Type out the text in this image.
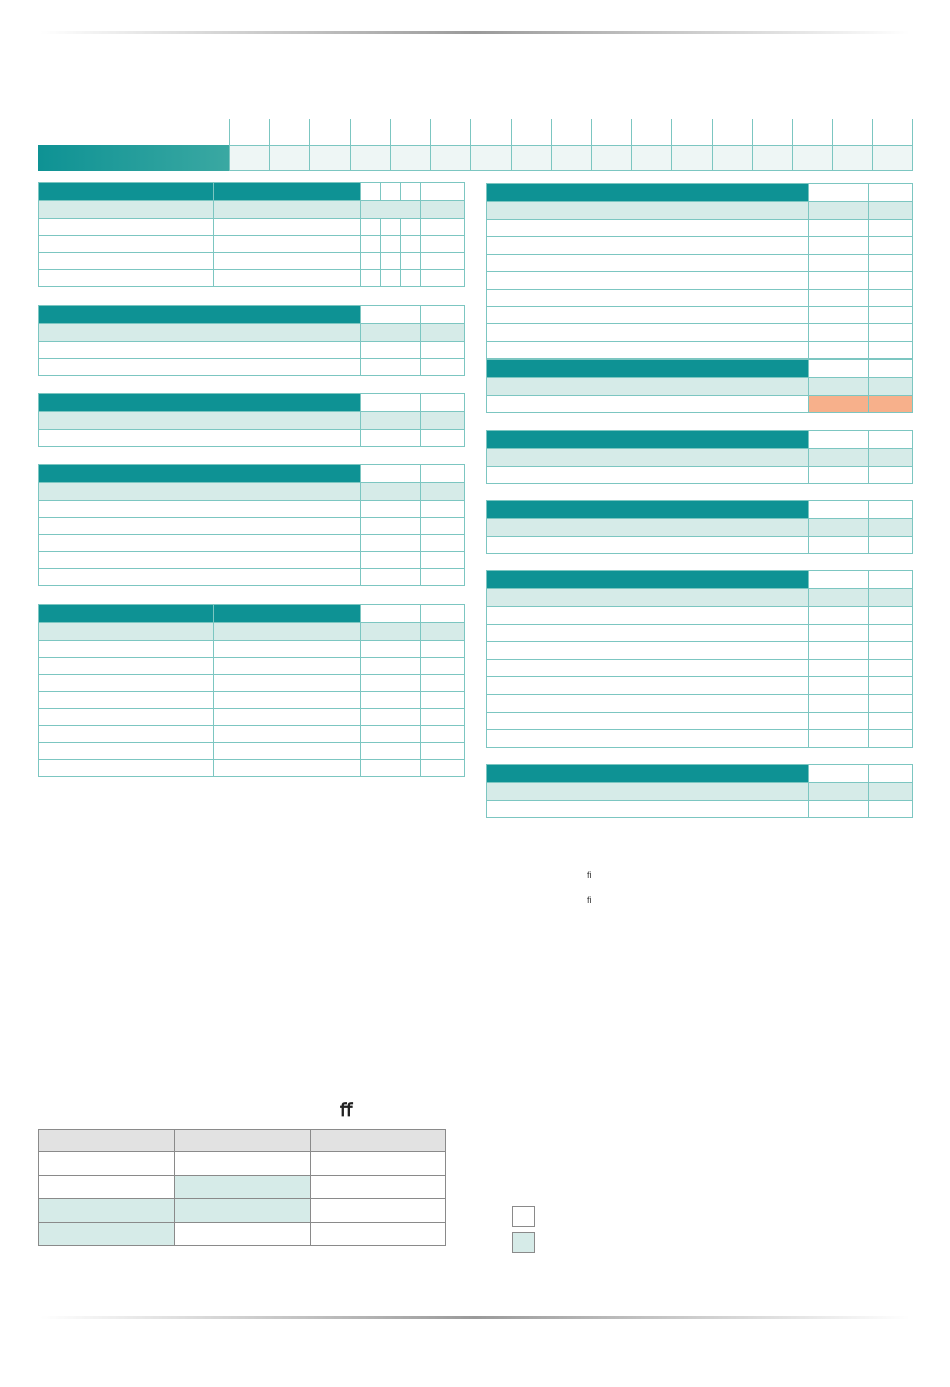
ﬁ
ﬁ
ﬀ
